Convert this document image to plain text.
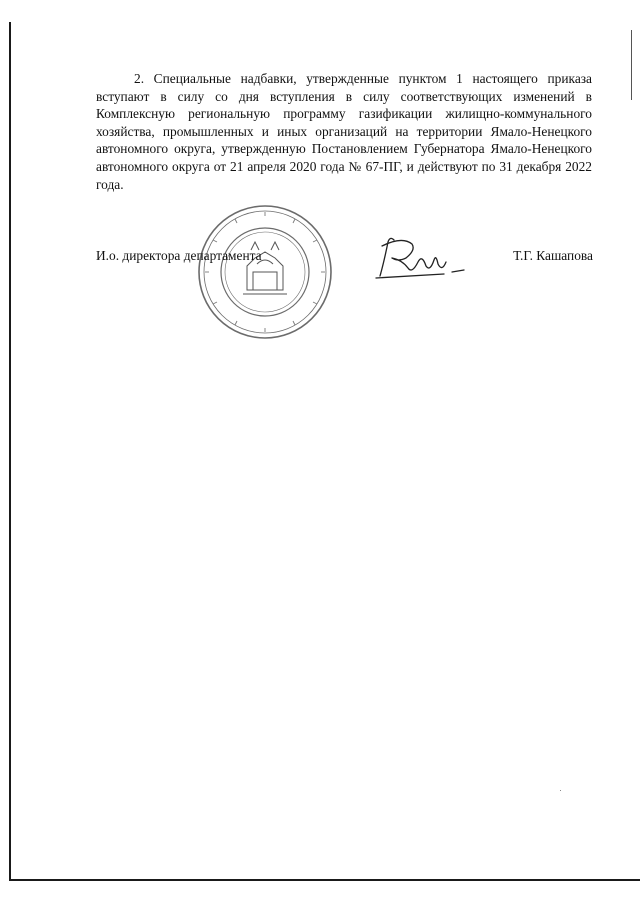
2. Специальные надбавки, утвержденные пунктом 1 настоящего приказа вступают в силу со дня вступления в силу соответствующих изменений в Комплексную региональную программу газификации жилищно-коммунального хозяйства, промышленных и иных организаций на территории Ямало-Ненецкого автономного округа, утвержденную Постановлением Губернатора Ямало-Ненецкого автономного округа от 21 апреля 2020 года № 67-ПГ, и действуют по 31 декабря 2022 года.

И.о. директора департамента	Т.Г. Кашапова
